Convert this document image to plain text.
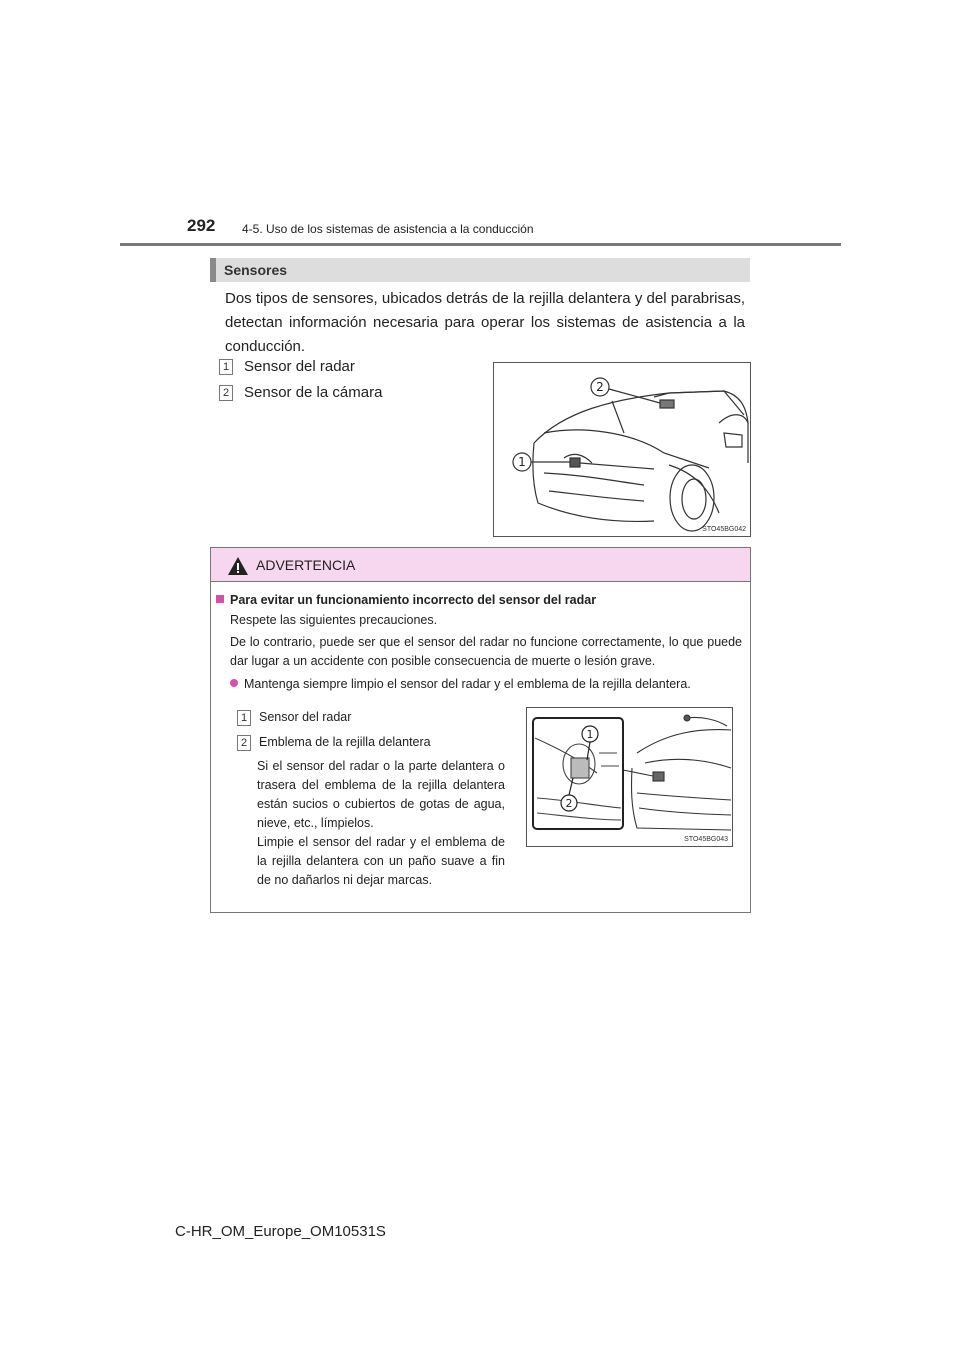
292 4-5. Uso de los sistemas de asistencia a la conducción
Sensores
Dos tipos de sensores, ubicados detrás de la rejilla delantera y del parabrisas, detectan información necesaria para operar los sistemas de asistencia a la conducción.
1 Sensor del radar
2 Sensor de la cámara	2
1
STO45BG042
ADVERTENCIA
Para evitar un funcionamiento incorrecto del sensor del radar
Respete las siguientes precauciones.
De lo contrario, puede ser que el sensor del radar no funcione correctamente, lo que puede dar lugar a un accidente con posible consecuencia de muerte o lesión grave.
Mantenga siempre limpio el sensor del radar y el emblema de la rejilla delantera.
1 Sensor del radar
2 Emblema de la rejilla delantera
Si el sensor del radar o la parte delantera o trasera del emblema de la rejilla delantera están sucios o cubiertos de gotas de agua, nieve, etc., límpielos.
Limpie el sensor del radar y el emblema de la rejilla delantera con un paño suave a fin de no dañarlos ni dejar marcas.
1
2
STO45BG043
C-HR_OM_Europe_OM10531S
